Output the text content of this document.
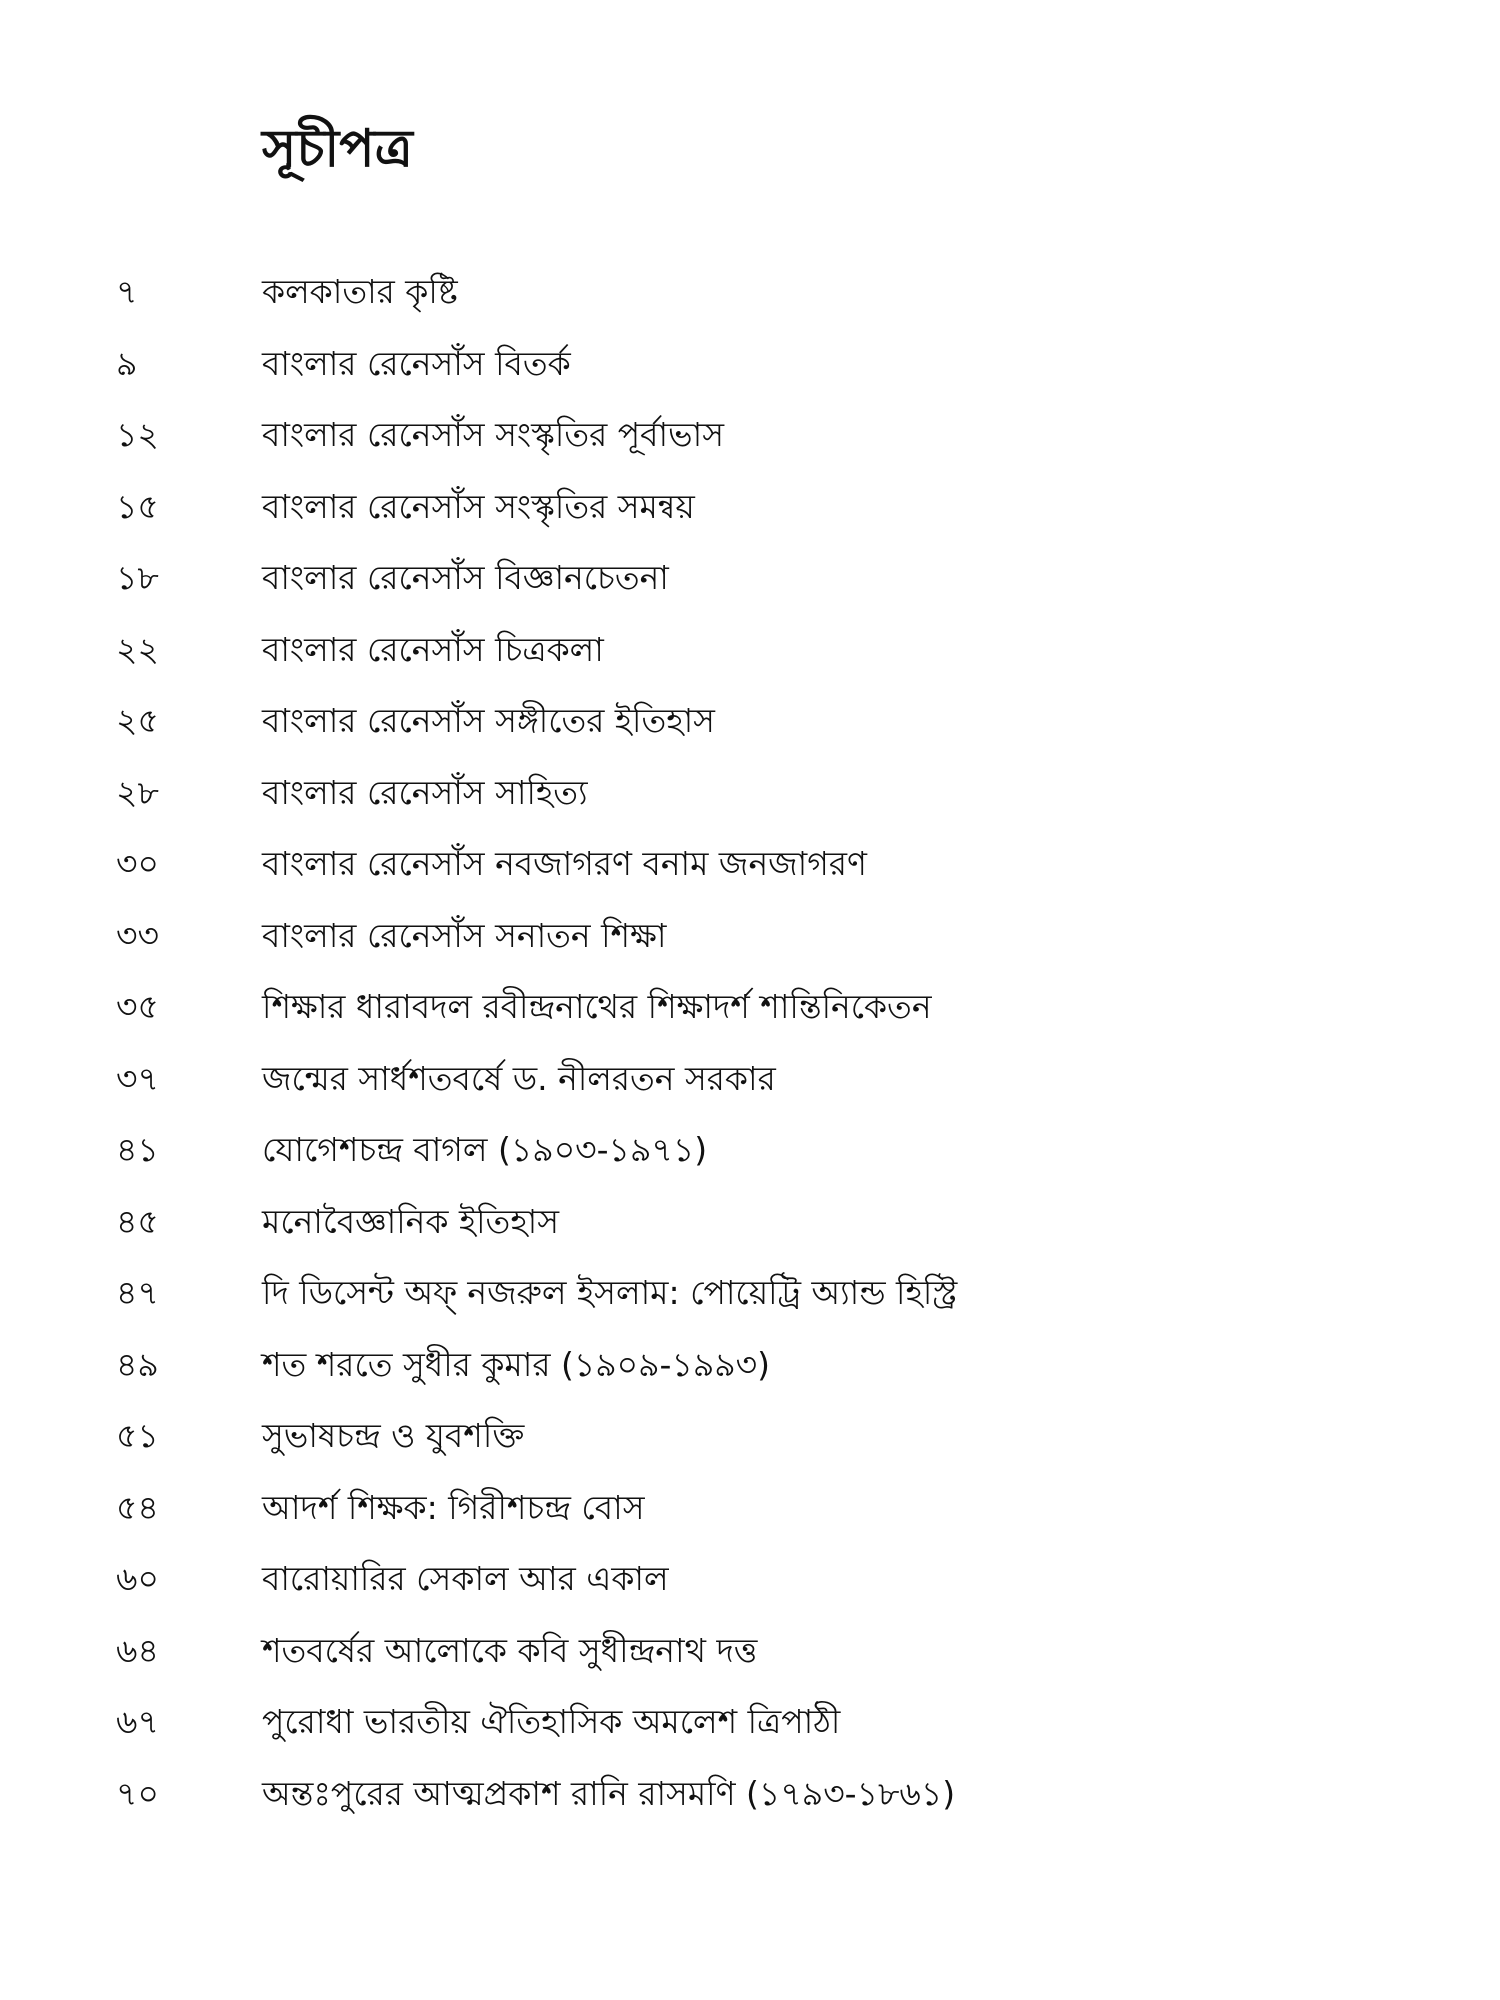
সূচীপত্র
৭	কলকাতার কৃষ্টি
৯	বাংলার রেনেসাঁস বিতর্ক
১২	বাংলার রেনেসাঁস সংস্কৃতির পূর্বাভাস
১৫	বাংলার রেনেসাঁস সংস্কৃতির সমন্বয়
১৮	বাংলার রেনেসাঁস বিজ্ঞানচেতনা
২২	বাংলার রেনেসাঁস চিত্রকলা
২৫	বাংলার রেনেসাঁস সঙ্গীতের ইতিহাস
২৮	বাংলার রেনেসাঁস সাহিত্য
৩০	বাংলার রেনেসাঁস নবজাগরণ বনাম জনজাগরণ
৩৩	বাংলার রেনেসাঁস সনাতন শিক্ষা
৩৫	শিক্ষার ধারাবদল রবীন্দ্রনাথের শিক্ষাদর্শ শান্তিনিকেতন
৩৭	জন্মের সার্ধশতবর্ষে ড. নীলরতন সরকার
৪১	যোগেশচন্দ্র বাগল (১৯০৩-১৯৭১)
৪৫	মনোবৈজ্ঞানিক ইতিহাস
৪৭	দি ডিসেন্ট অফ্ নজরুল ইসলাম: পোয়েট্রি অ্যান্ড হিস্ট্রি
৪৯	শত শরতে সুধীর কুমার (১৯০৯-১৯৯৩)
৫১	সুভাষচন্দ্র ও যুবশক্তি
৫৪	আদর্শ শিক্ষক: গিরীশচন্দ্র বোস
৬০	বারোয়ারির সেকাল আর একাল
৬৪	শতবর্ষের আলোকে কবি সুধীন্দ্রনাথ দত্ত
৬৭	পুরোধা ভারতীয় ঐতিহাসিক অমলেশ ত্রিপাঠী
৭০	অন্তঃপুরের আত্মপ্রকাশ রানি রাসমণি (১৭৯৩-১৮৬১)
